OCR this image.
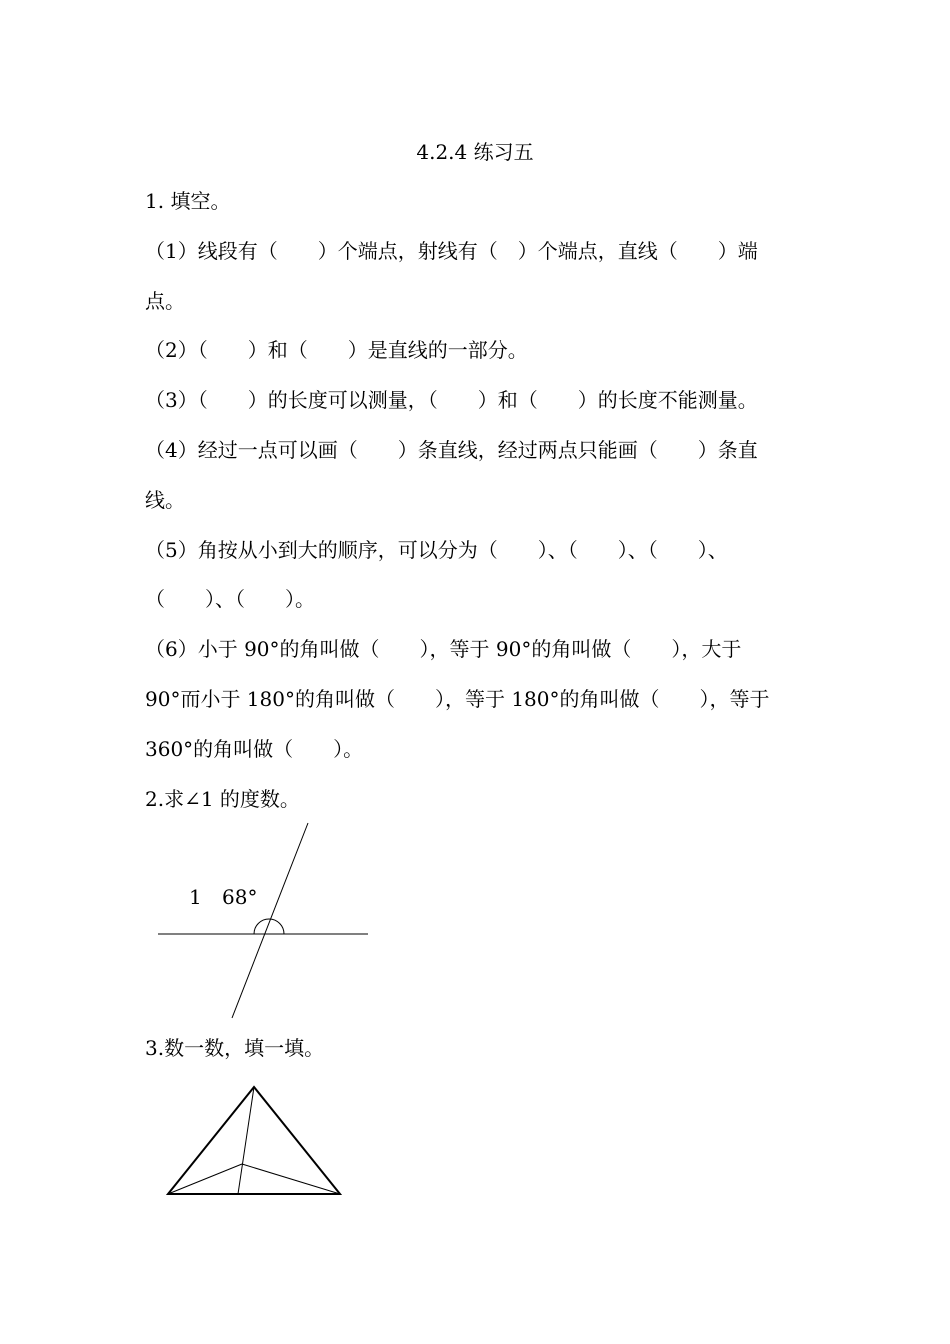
4.2.4 练习五
1. 填空。
（1）线段有（　　）个端点，射线有（　）个端点，直线（　　）端
点。
（2）（　　）和（　　）是直线的一部分。
（3）（　　）的长度可以测量，（　　）和（　　）的长度不能测量。
（4）经过一点可以画（　　）条直线，经过两点只能画（　　）条直
线。
（5）角按从小到大的顺序，可以分为（　　）、（　　）、（　　）、
（　　）、（　　）。
（6）小于 90°的角叫做（　　），等于 90°的角叫做（　　），大于
90°而小于 180°的角叫做（　　），等于 180°的角叫做（　　），等于
360°的角叫做（　　）。
2.求∠1 的度数。
1 68°
3.数一数，填一填。
